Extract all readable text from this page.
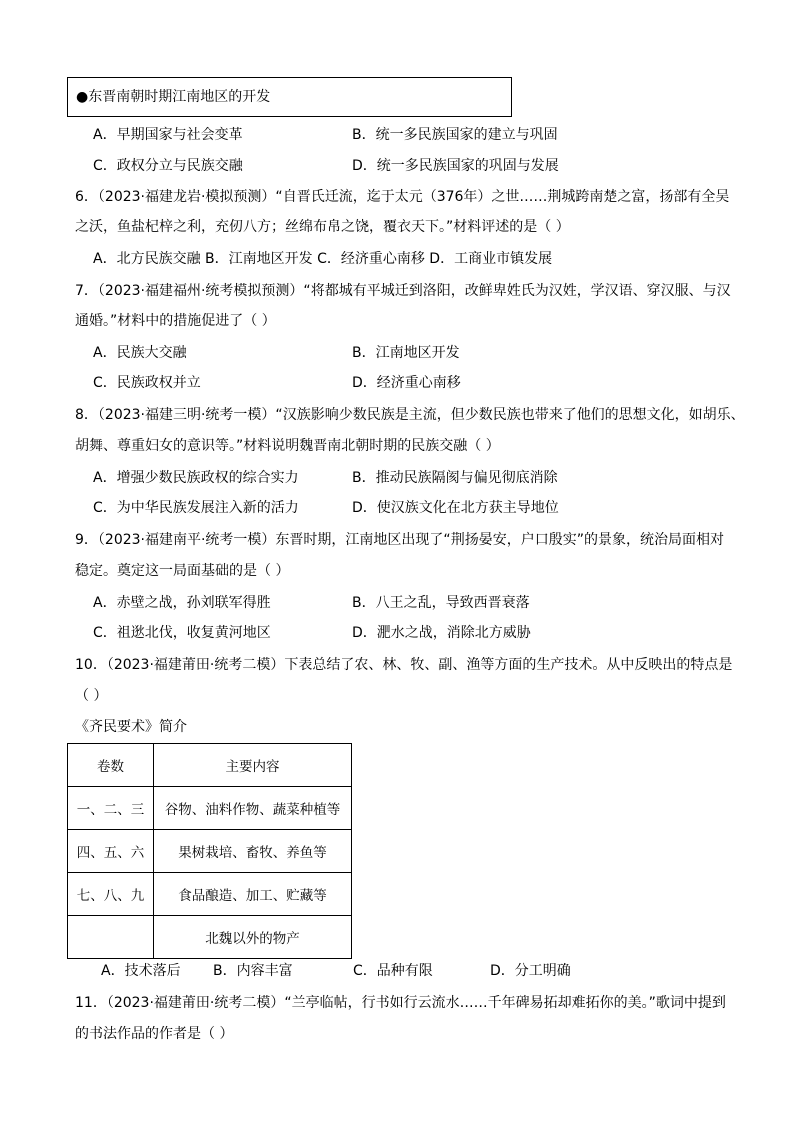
●东晋南朝时期江南地区的开发
A．早期国家与社会变革	B．统一多民族国家的建立与巩固
C．政权分立与民族交融	D．统一多民族国家的巩固与发展
6．（2023·福建龙岩·模拟预测）“自晋氏迁流，迄于太元（376年）之世……荆城跨南楚之富，扬部有全吴
之沃，鱼盐杞梓之利，充仞八方；丝绵布帛之饶，覆衣天下。”材料评述的是（ ）
A．北方民族交融 B．江南地区开发 C．经济重心南移 D．工商业市镇发展
7．（2023·福建福州·统考模拟预测）“将都城有平城迁到洛阳，改鲜卑姓氏为汉姓，学汉语、穿汉服、与汉
通婚。”材料中的措施促进了（ ）
A．民族大交融	B．江南地区开发
C．民族政权并立	D．经济重心南移
8．（2023·福建三明·统考一模）“汉族影响少数民族是主流，但少数民族也带来了他们的思想文化，如胡乐、
胡舞、尊重妇女的意识等。”材料说明魏晋南北朝时期的民族交融（ ）
A．增强少数民族政权的综合实力	B．推动民族隔阂与偏见彻底消除
C．为中华民族发展注入新的活力	D．使汉族文化在北方获主导地位
9．（2023·福建南平·统考一模）东晋时期，江南地区出现了“荆扬晏安，户口殷实”的景象，统治局面相对
稳定。奠定这一局面基础的是（ ）
A．赤壁之战，孙刘联军得胜	B．八王之乱，导致西晋衰落
C．祖逖北伐，收复黄河地区	D．淝水之战，消除北方威胁
10．（2023·福建莆田·统考二模）下表总结了农、林、牧、副、渔等方面的生产技术。从中反映出的特点是
（ ）
《齐民要术》简介
卷数	主要内容
一、二、三	谷物、油料作物、蔬菜种植等
四、五、六	果树栽培、畜牧、养鱼等
七、八、九	食品酿造、加工、贮藏等
	北魏以外的物产
A．技术落后 B．内容丰富	C．品种有限	D．分工明确
11．（2023·福建莆田·统考二模）“兰亭临帖，行书如行云流水……千年碑易拓却难拓你的美。”歌词中提到
的书法作品的作者是（ ）
